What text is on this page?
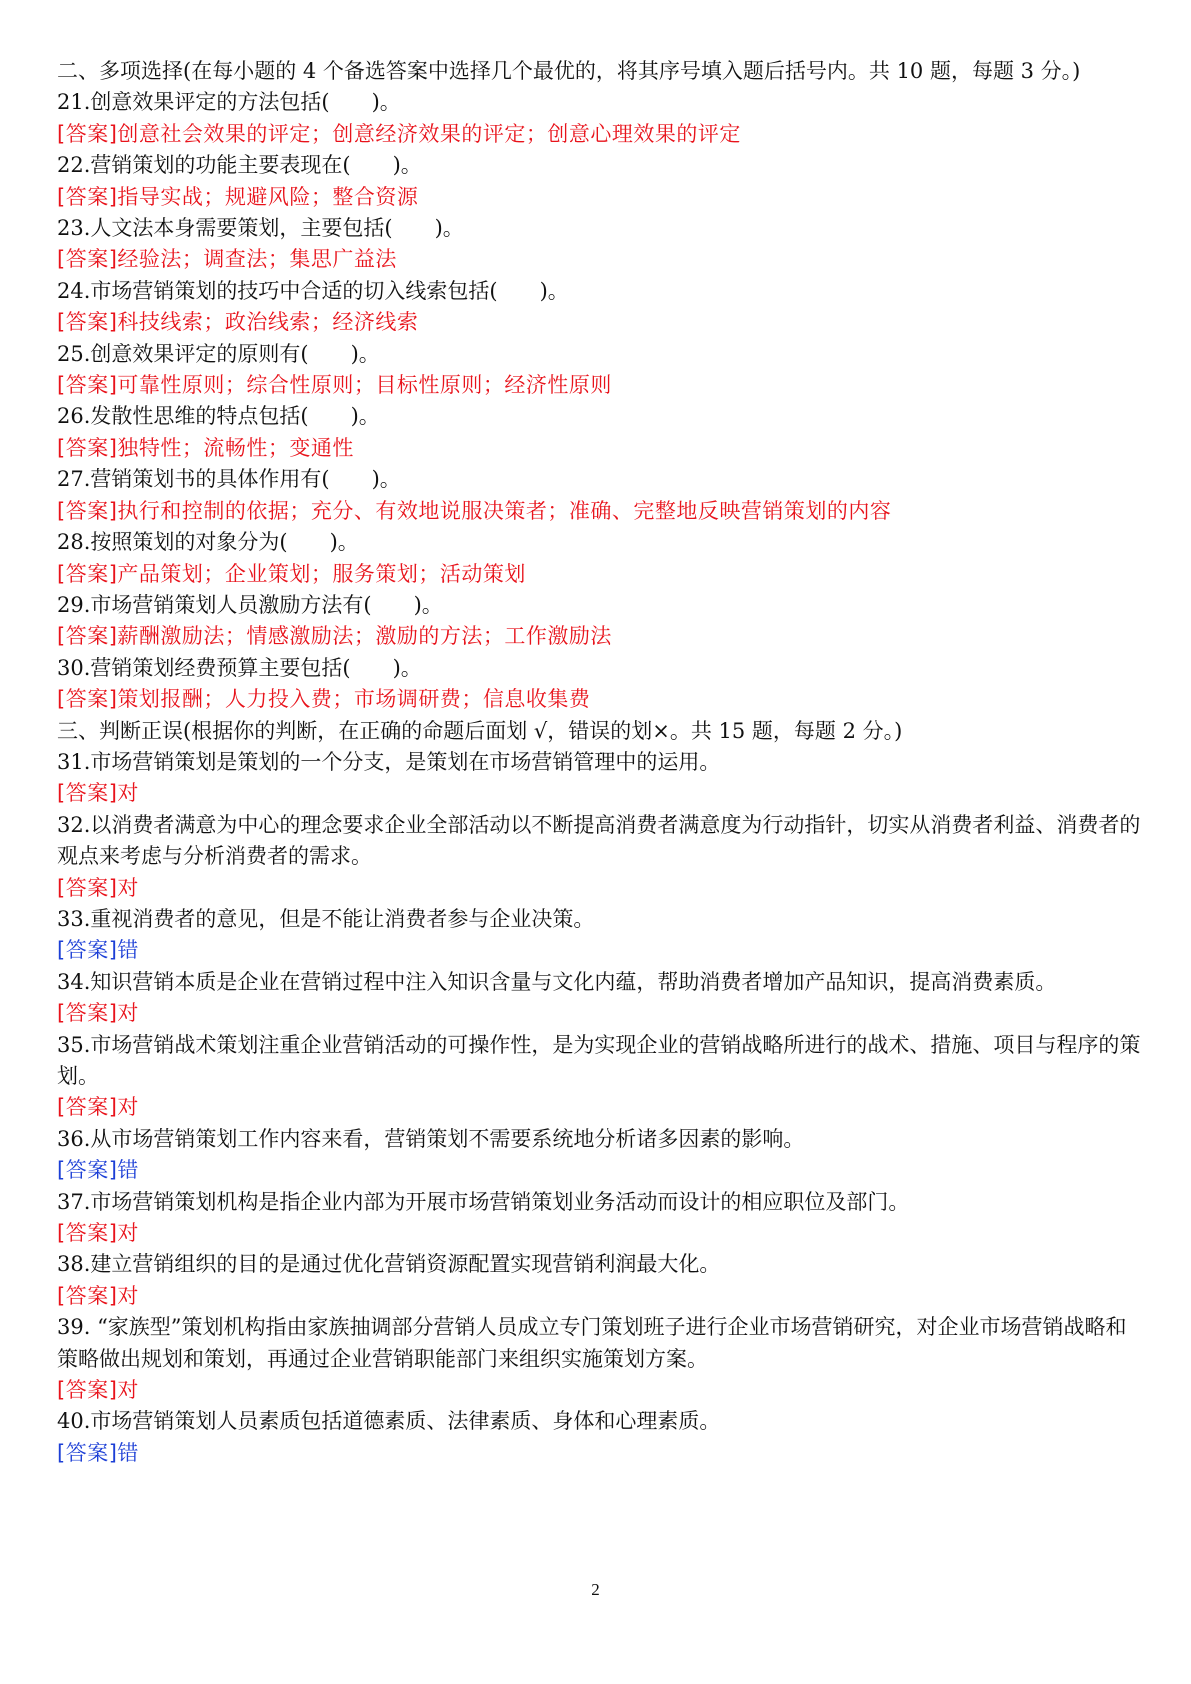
二、多项选择(在每小题的 4 个备选答案中选择几个最优的，将其序号填入题后括号内。共 10 题，每题 3 分。)
21.创意效果评定的方法包括(　　)。
[答案]创意社会效果的评定；创意经济效果的评定；创意心理效果的评定
22.营销策划的功能主要表现在(　　)。
[答案]指导实战；规避风险；整合资源
23.人文法本身需要策划，主要包括(　　)。
[答案]经验法；调查法；集思广益法
24.市场营销策划的技巧中合适的切入线索包括(　　)。
[答案]科技线索；政治线索；经济线索
25.创意效果评定的原则有(　　)。
[答案]可靠性原则；综合性原则；目标性原则；经济性原则
26.发散性思维的特点包括(　　)。
[答案]独特性；流畅性；变通性
27.营销策划书的具体作用有(　　)。
[答案]执行和控制的依据；充分、有效地说服决策者；准确、完整地反映营销策划的内容
28.按照策划的对象分为(　　)。
[答案]产品策划；企业策划；服务策划；活动策划
29.市场营销策划人员激励方法有(　　)。
[答案]薪酬激励法；情感激励法；激励的方法；工作激励法
30.营销策划经费预算主要包括(　　)。
[答案]策划报酬；人力投入费；市场调研费；信息收集费
三、判断正误(根据你的判断，在正确的命题后面划 √，错误的划×。共 15 题，每题 2 分。)
31.市场营销策划是策划的一个分支，是策划在市场营销管理中的运用。
[答案]对
32.以消费者满意为中心的理念要求企业全部活动以不断提高消费者满意度为行动指针，切实从消费者利益、消费者的观点来考虑与分析消费者的需求。
[答案]对
33.重视消费者的意见，但是不能让消费者参与企业决策。
[答案]错
34.知识营销本质是企业在营销过程中注入知识含量与文化内蕴，帮助消费者增加产品知识，提高消费素质。
[答案]对
35.市场营销战术策划注重企业营销活动的可操作性，是为实现企业的营销战略所进行的战术、措施、项目与程序的策划。
[答案]对
36.从市场营销策划工作内容来看，营销策划不需要系统地分析诸多因素的影响。
[答案]错
37.市场营销策划机构是指企业内部为开展市场营销策划业务活动而设计的相应职位及部门。
[答案]对
38.建立营销组织的目的是通过优化营销资源配置实现营销利润最大化。
[答案]对
39. “家族型”策划机构指由家族抽调部分营销人员成立专门策划班子进行企业市场营销研究，对企业市场营销战略和策略做出规划和策划，再通过企业营销职能部门来组织实施策划方案。
[答案]对
40.市场营销策划人员素质包括道德素质、法律素质、身体和心理素质。
[答案]错
2
